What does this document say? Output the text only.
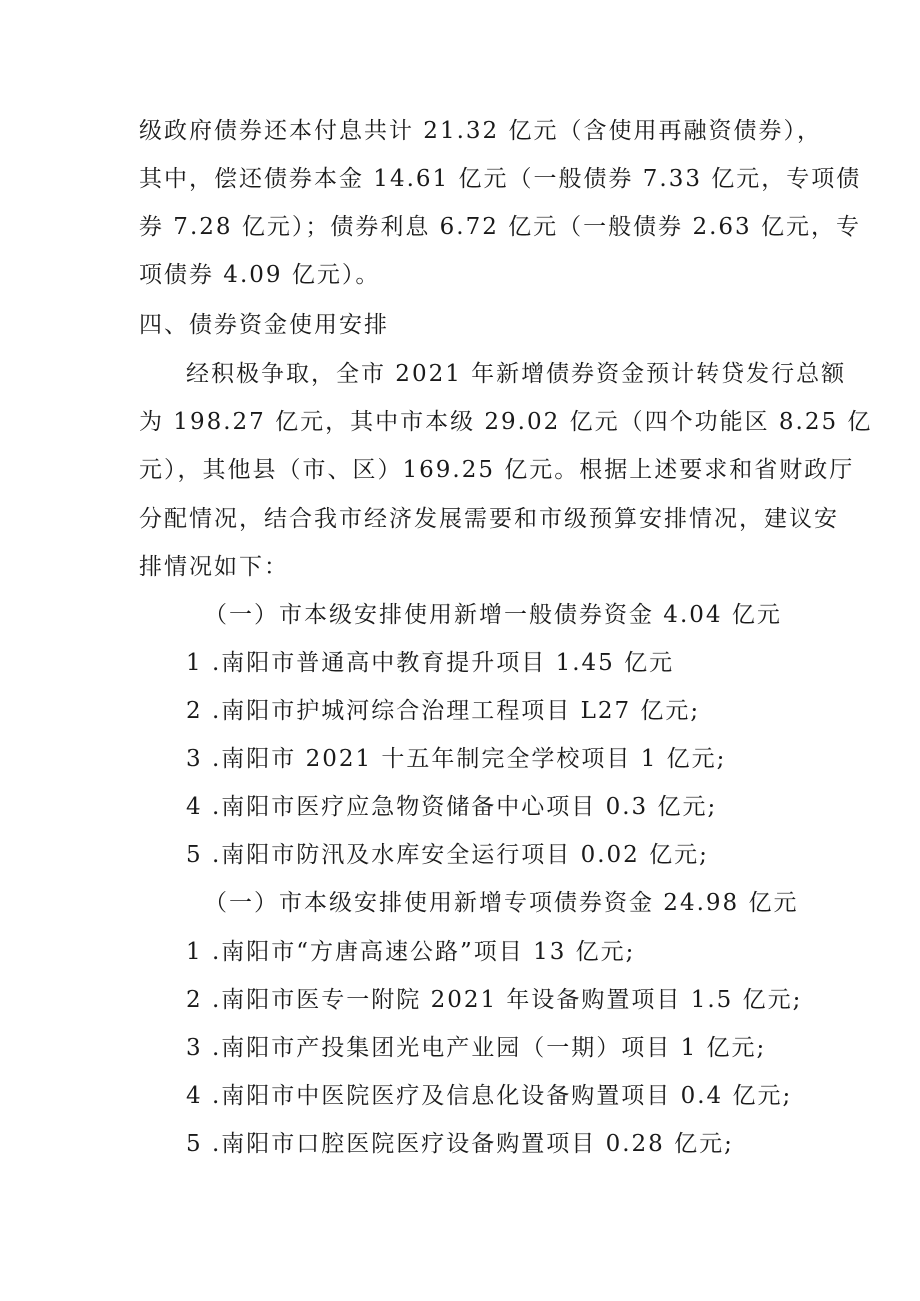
级政府债券还本付息共计 21.32 亿元（含使用再融资债券），
其中，偿还债券本金 14.61 亿元（一般债券 7.33 亿元，专项债
券 7.28 亿元）；债券利息 6.72 亿元（一般债券 2.63 亿元，专
项债券 4.09 亿元）。
四、债券资金使用安排
经积极争取，全市 2021 年新增债券资金预计转贷发行总额
为 198.27 亿元，其中市本级 29.02 亿元（四个功能区 8.25 亿
元），其他县（市、区）169.25 亿元。根据上述要求和省财政厅
分配情况，结合我市经济发展需要和市级预算安排情况，建议安
排情况如下：
（一）市本级安排使用新增一般债券资金 4.04 亿元
1 .南阳市普通高中教育提升项目 1.45 亿元
2 .南阳市护城河综合治理工程项目 L27 亿元;
3 .南阳市 2021 十五年制完全学校项目 1 亿元;
4 .南阳市医疗应急物资储备中心项目 0.3 亿元;
5 .南阳市防汛及水库安全运行项目 0.02 亿元;
（一）市本级安排使用新增专项债券资金 24.98 亿元
1 .南阳市“方唐高速公路”项目 13 亿元;
2 .南阳市医专一附院 2021 年设备购置项目 1.5 亿元;
3 .南阳市产投集团光电产业园（一期）项目 1 亿元;
4 .南阳市中医院医疗及信息化设备购置项目 0.4 亿元;
5 .南阳市口腔医院医疗设备购置项目 0.28 亿元;
